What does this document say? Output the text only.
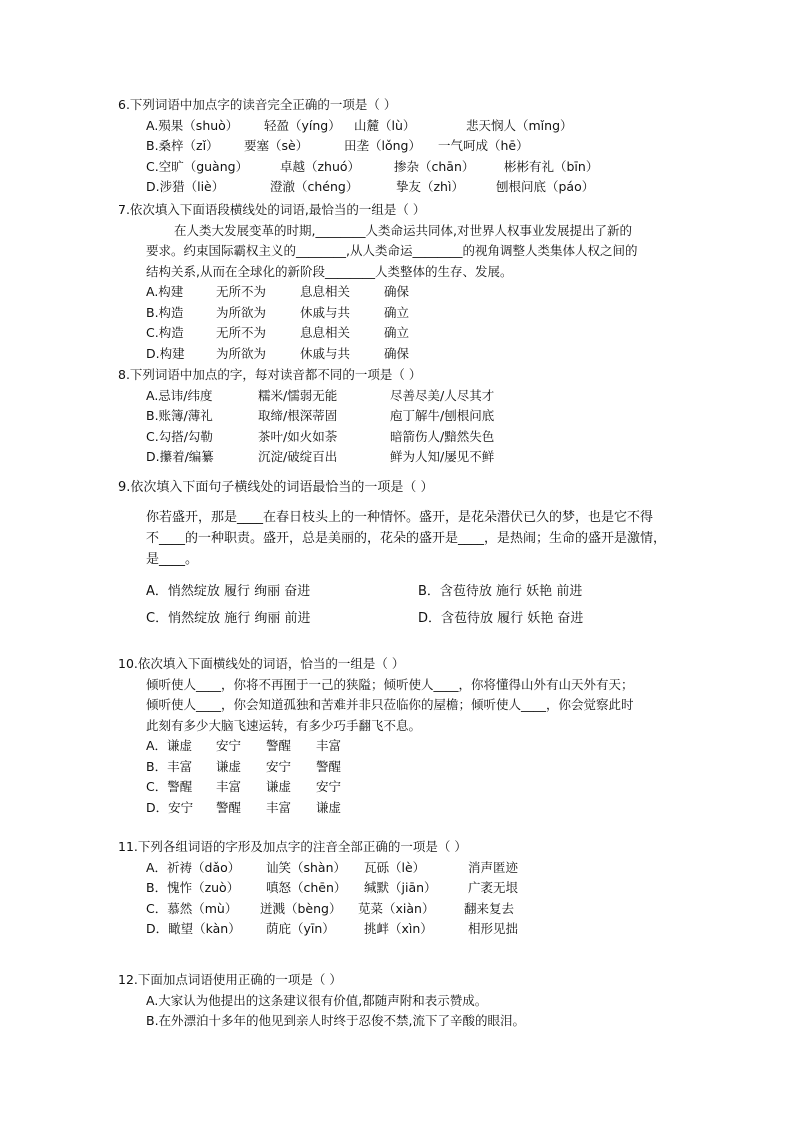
6.下列词语中加点字的读音完全正确的一项是（ ）
A.殒果（shuò）	轻盈（yíng）	山麓（lù）	悲天悯人（mǐng）
B.桑梓（zǐ）	要塞（sè）	田垄（lǒng）	一气呵成（hē）
C.空旷（guàng）	卓越（zhuó）	掺杂（chān）	彬彬有礼（bīn）
D.涉猎（liè）	澄澈（chéng）	挚友（zhì）	刨根问底（páo）
7.依次填入下面语段横线处的词语,最恰当的一组是（ ）
在人类大发展变革的时期,________人类命运共同体,对世界人权事业发展提出了新的
要求。约束国际霸权主义的________,从人类命运________的视角调整人类集体人权之间的
结构关系,从而在全球化的新阶段________人类整体的生存、发展。
A.构建	无所不为	息息相关	确保
B.构造	为所欲为	休戚与共	确立
C.构造	无所不为	息息相关	确立
D.构建	为所欲为	休戚与共	确保
8.下列词语中加点的字，每对读音都不同的一项是（ ）
A.忌讳/纬度	糯米/懦弱无能	尽善尽美/人尽其才
B.账簿/薄礼	取缔/根深蒂固	庖丁解牛/刨根问底
C.勾搭/勾勒	茶叶/如火如荼	暗箭伤人/黯然失色
D.攥着/编纂	沉淀/破绽百出	鲜为人知/屡见不鲜
9.依次填入下面句子横线处的词语最恰当的一项是（ ）
你若盛开，那是____在春日枝头上的一种情怀。盛开，是花朵潜伏已久的梦，也是它不得
不____的一种职责。盛开，总是美丽的，花朵的盛开是____，是热闹；生命的盛开是激情，
是____。
A．悄然绽放 履行 绚丽 奋进	B．含苞待放 施行 妖艳 前进
C．悄然绽放 施行 绚丽 前进	D．含苞待放 履行 妖艳 奋进
10.依次填入下面横线处的词语，恰当的一组是（ ）
倾听使人____，你将不再囿于一己的狭隘；倾听使人____，你将懂得山外有山天外有天；
倾听使人____，你会知道孤独和苦难并非只莅临你的屋檐；倾听使人____，你会觉察此时
此刻有多少大脑飞速运转，有多少巧手翻飞不息。
A．谦虚	安宁	警醒	丰富
B．丰富	谦虚	安宁	警醒
C．警醒	丰富	谦虚	安宁
D．安宁	警醒	丰富	谦虚
11.下列各组词语的字形及加点字的注音全部正确的一项是（ ）
A．祈祷（dǎo）	讪笑（shàn）	瓦砾（lè）	消声匿迹
B．愧怍（zuò）	嗔怒（chēn）	缄默（jiān）	广袤无垠
C．慕然（mù）	迸溅（bèng）	苋菜（xiàn）	翻来复去
D．瞰望（kàn）	荫庇（yīn）	挑衅（xìn）	相形见拙
12.下面加点词语使用正确的一项是（ ）
A.大家认为他提出的这条建议很有价值,都随声附和表示赞成。
B.在外漂泊十多年的他见到亲人时终于忍俊不禁,流下了辛酸的眼泪。
